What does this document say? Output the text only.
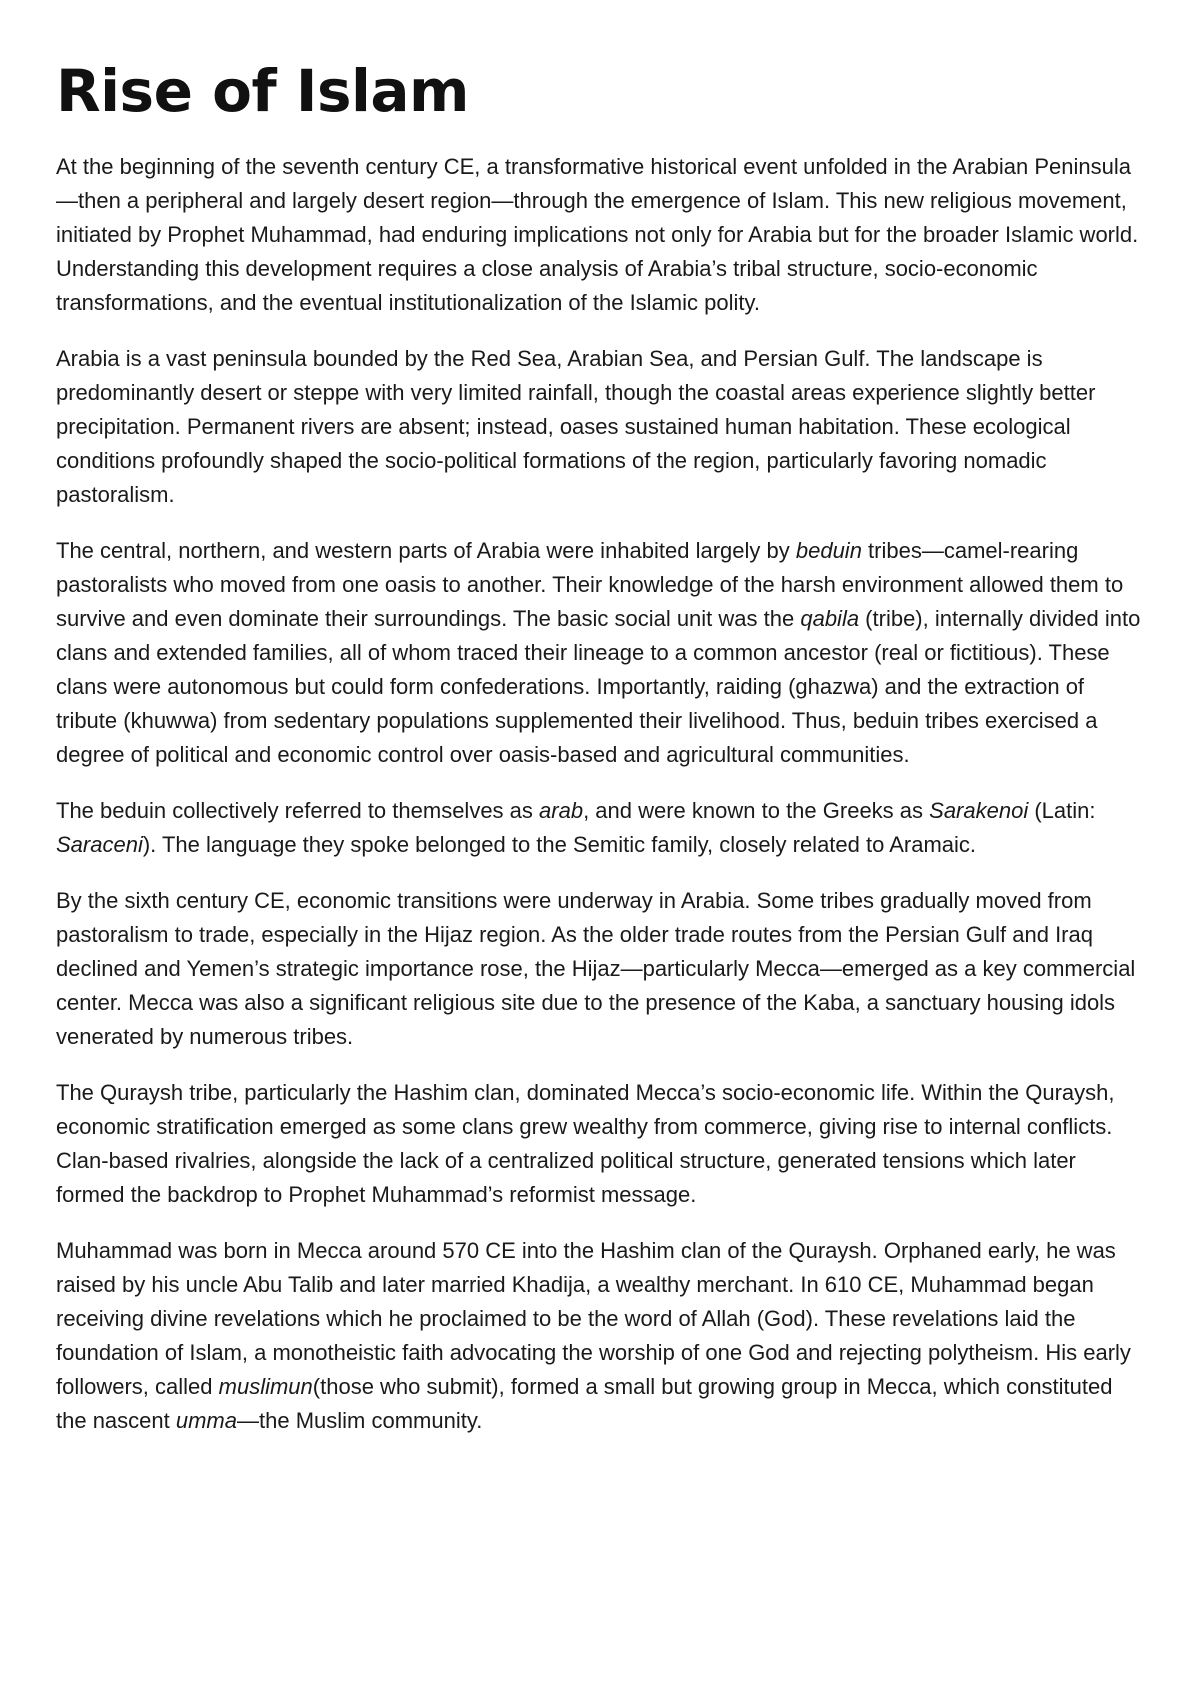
Rise of Islam

At the beginning of the seventh century CE, a transformative historical event unfolded in the Arabian Peninsula—then a peripheral and largely desert region—through the emergence of Islam. This new religious movement, initiated by Prophet Muhammad, had enduring implications not only for Arabia but for the broader Islamic world. Understanding this development requires a close analysis of Arabia’s tribal structure, socio-economic transformations, and the eventual institutionalization of the Islamic polity.

Arabia is a vast peninsula bounded by the Red Sea, Arabian Sea, and Persian Gulf. The landscape is predominantly desert or steppe with very limited rainfall, though the coastal areas experience slightly better precipitation. Permanent rivers are absent; instead, oases sustained human habitation. These ecological conditions profoundly shaped the socio-political formations of the region, particularly favoring nomadic pastoralism.

The central, northern, and western parts of Arabia were inhabited largely by beduin tribes—camel-rearing pastoralists who moved from one oasis to another. Their knowledge of the harsh environment allowed them to survive and even dominate their surroundings. The basic social unit was the qabila (tribe), internally divided into clans and extended families, all of whom traced their lineage to a common ancestor (real or fictitious). These clans were autonomous but could form confederations. Importantly, raiding (ghazwa) and the extraction of tribute (khuwwa) from sedentary populations supplemented their livelihood. Thus, beduin tribes exercised a degree of political and economic control over oasis-based and agricultural communities.

The beduin collectively referred to themselves as arab, and were known to the Greeks as Sarakenoi (Latin: Saraceni). The language they spoke belonged to the Semitic family, closely related to Aramaic.

By the sixth century CE, economic transitions were underway in Arabia. Some tribes gradually moved from pastoralism to trade, especially in the Hijaz region. As the older trade routes from the Persian Gulf and Iraq declined and Yemen’s strategic importance rose, the Hijaz—particularly Mecca—emerged as a key commercial center. Mecca was also a significant religious site due to the presence of the Kaba, a sanctuary housing idols venerated by numerous tribes.

The Quraysh tribe, particularly the Hashim clan, dominated Mecca’s socio-economic life. Within the Quraysh, economic stratification emerged as some clans grew wealthy from commerce, giving rise to internal conflicts. Clan-based rivalries, alongside the lack of a centralized political structure, generated tensions which later formed the backdrop to Prophet Muhammad’s reformist message.

Muhammad was born in Mecca around 570 CE into the Hashim clan of the Quraysh. Orphaned early, he was raised by his uncle Abu Talib and later married Khadija, a wealthy merchant. In 610 CE, Muhammad began receiving divine revelations which he proclaimed to be the word of Allah (God). These revelations laid the foundation of Islam, a monotheistic faith advocating the worship of one God and rejecting polytheism. His early followers, called muslimun(those who submit), formed a small but growing group in Mecca, which constituted the nascent umma—the Muslim community.
